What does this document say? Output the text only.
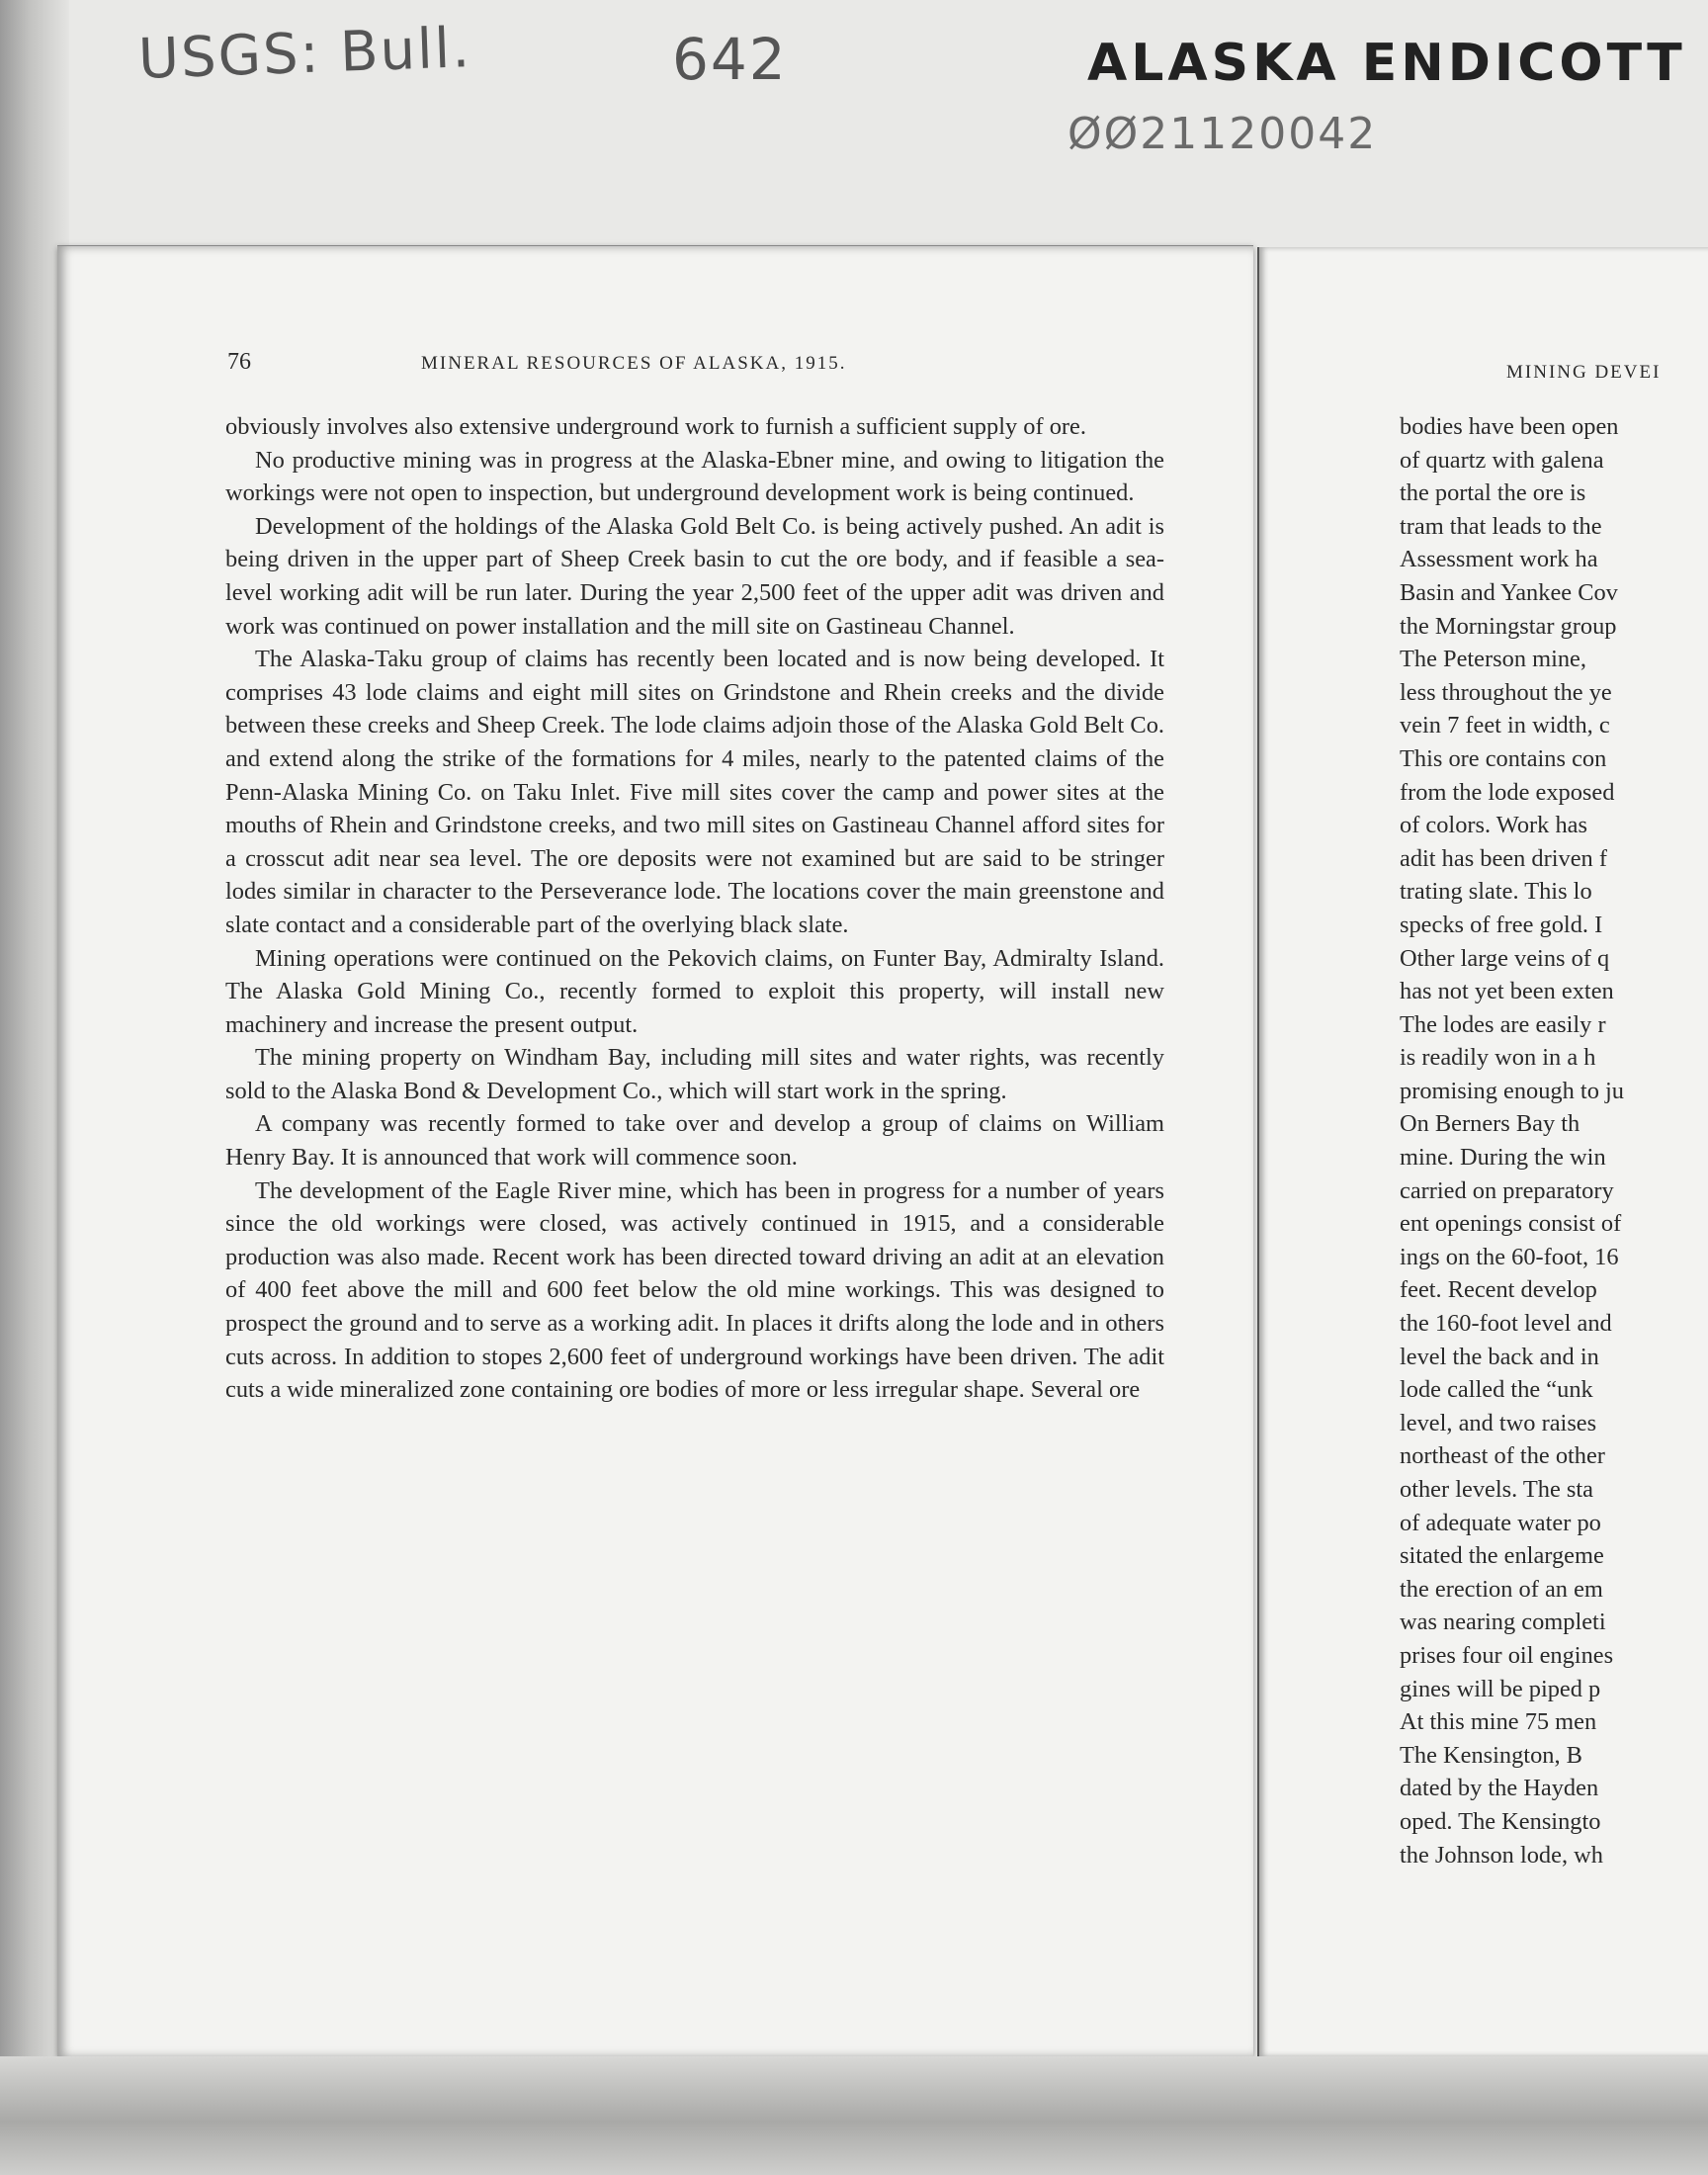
USGS: Bull.	642	ALASKA ENDICOTT
ØØ21120042
76	MINERAL RESOURCES OF ALASKA, 1915.

obviously involves also extensive underground work to furnish a sufficient supply of ore.

No productive mining was in progress at the Alaska-Ebner mine, and owing to litigation the workings were not open to inspection, but underground development work is being continued.

Development of the holdings of the Alaska Gold Belt Co. is being actively pushed. An adit is being driven in the upper part of Sheep Creek basin to cut the ore body, and if feasible a sea-level working adit will be run later. During the year 2,500 feet of the upper adit was driven and work was continued on power installation and the mill site on Gastineau Channel.

The Alaska-Taku group of claims has recently been located and is now being developed. It comprises 43 lode claims and eight mill sites on Grindstone and Rhein creeks and the divide between these creeks and Sheep Creek. The lode claims adjoin those of the Alaska Gold Belt Co. and extend along the strike of the formations for 4 miles, nearly to the patented claims of the Penn-Alaska Mining Co. on Taku Inlet. Five mill sites cover the camp and power sites at the mouths of Rhein and Grindstone creeks, and two mill sites on Gastineau Channel afford sites for a crosscut adit near sea level. The ore deposits were not examined but are said to be stringer lodes similar in character to the Perseverance lode. The locations cover the main greenstone and slate contact and a considerable part of the overlying black slate.

Mining operations were continued on the Pekovich claims, on Funter Bay, Admiralty Island. The Alaska Gold Mining Co., recently formed to exploit this property, will install new machinery and increase the present output.

The mining property on Windham Bay, including mill sites and water rights, was recently sold to the Alaska Bond & Development Co., which will start work in the spring.

A company was recently formed to take over and develop a group of claims on William Henry Bay. It is announced that work will commence soon.

The development of the Eagle River mine, which has been in progress for a number of years since the old workings were closed, was actively continued in 1915, and a considerable production was also made. Recent work has been directed toward driving an adit at an elevation of 400 feet above the mill and 600 feet below the old mine workings. This was designed to prospect the ground and to serve as a working adit. In places it drifts along the lode and in others cuts across. In addition to stopes 2,600 feet of underground workings have been driven. The adit cuts a wide mineralized zone containing ore bodies of more or less irregular shape. Several ore

MINING DEVEI
bodies have been open
of quartz with galena
the portal the ore is
tram that leads to the
Assessment work ha
Basin and Yankee Cov
the Morningstar group
The Peterson mine,
less throughout the ye
vein 7 feet in width, c
This ore contains con
from the lode exposed
of colors. Work has
adit has been driven f
trating slate. This lo
specks of free gold. I
Other large veins of q
has not yet been exten
The lodes are easily r
is readily won in a h
promising enough to ju
On Berners Bay th
mine. During the win
carried on preparatory
ent openings consist of
ings on the 60-foot, 16
feet. Recent develop
the 160-foot level and
level the back and in
lode called the “unk
level, and two raises
northeast of the other
other levels. The sta
of adequate water po
sitated the enlargeme
the erection of an em
was nearing completi
prises four oil engines
gines will be piped p
At this mine 75 men
The Kensington, B
dated by the Hayden
oped. The Kensingto
the Johnson lode, wh
